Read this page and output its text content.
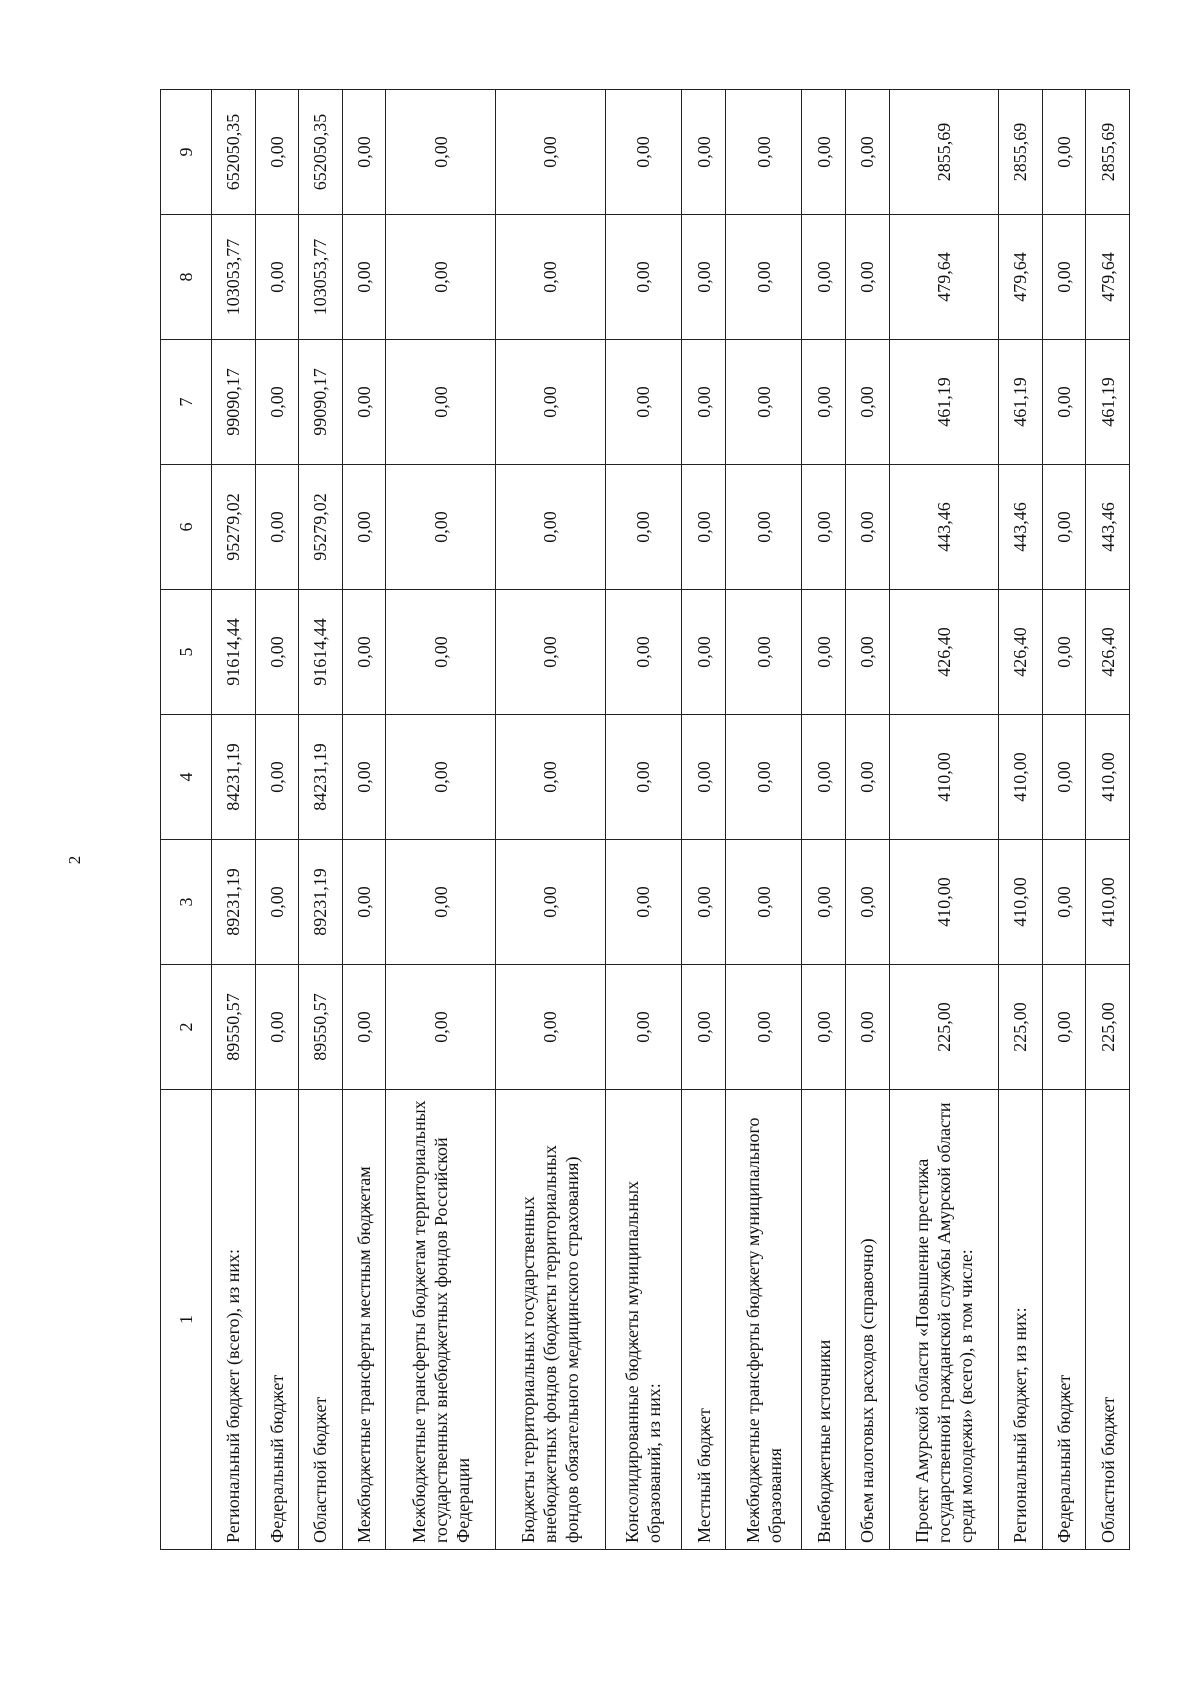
2
1	2	3	4	5	6	7	8	9
Региональный бюджет (всего), из них:	89550,57	89231,19	84231,19	91614,44	95279,02	99090,17	103053,77	652050,35
Федеральный бюджет	0,00	0,00	0,00	0,00	0,00	0,00	0,00	0,00
Областной бюджет	89550,57	89231,19	84231,19	91614,44	95279,02	99090,17	103053,77	652050,35
Межбюджетные трансферты местным бюджетам	0,00	0,00	0,00	0,00	0,00	0,00	0,00	0,00
Межбюджетные трансферты бюджетам территориальных государственных внебюджетных фондов Российской Федерации	0,00	0,00	0,00	0,00	0,00	0,00	0,00	0,00
Бюджеты территориальных государственных внебюджетных фондов (бюджеты территориальных фондов обязательного медицинского страхования)	0,00	0,00	0,00	0,00	0,00	0,00	0,00	0,00
Консолидированные бюджеты муниципальных образований, из них:	0,00	0,00	0,00	0,00	0,00	0,00	0,00	0,00
Местный бюджет	0,00	0,00	0,00	0,00	0,00	0,00	0,00	0,00
Межбюджетные трансферты бюджету муниципального образования	0,00	0,00	0,00	0,00	0,00	0,00	0,00	0,00
Внебюджетные источники	0,00	0,00	0,00	0,00	0,00	0,00	0,00	0,00
Объем налоговых расходов (справочно)	0,00	0,00	0,00	0,00	0,00	0,00	0,00	0,00
Проект Амурской области «Повышение престижа государственной гражданской службы Амурской области среди молодежи» (всего), в том числе:	225,00	410,00	410,00	426,40	443,46	461,19	479,64	2855,69
Региональный бюджет, из них:	225,00	410,00	410,00	426,40	443,46	461,19	479,64	2855,69
Федеральный бюджет	0,00	0,00	0,00	0,00	0,00	0,00	0,00	0,00
Областной бюджет	225,00	410,00	410,00	426,40	443,46	461,19	479,64	2855,69
